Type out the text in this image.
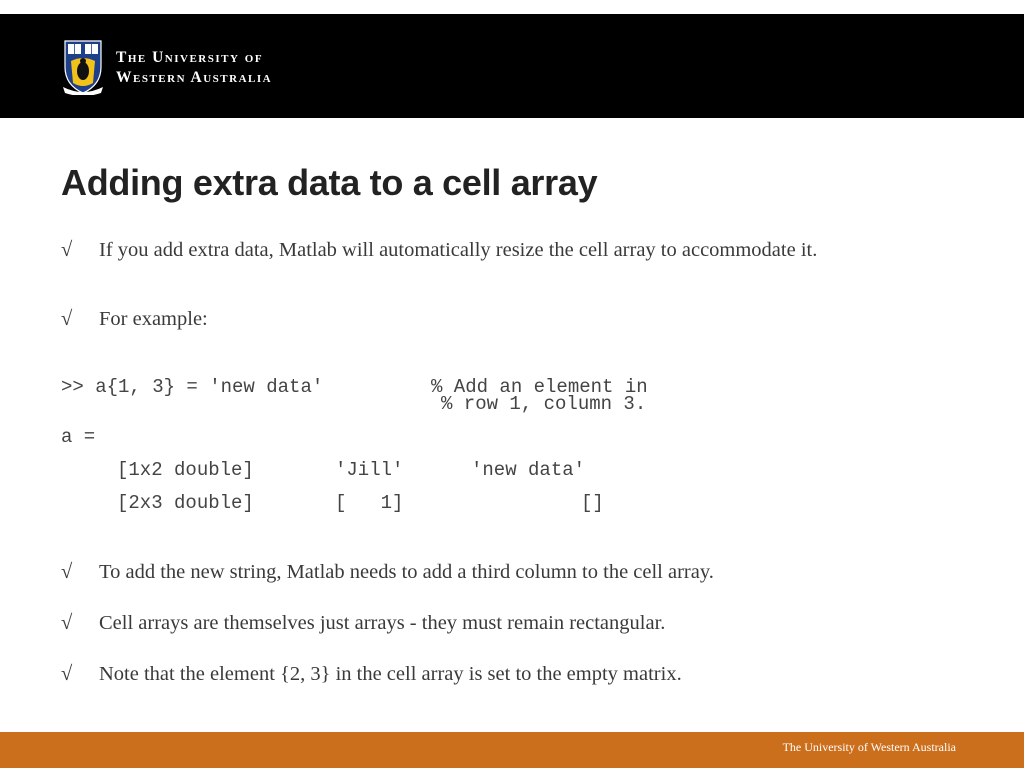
The University of
Western Australia
Adding extra data to a cell array
√ If you add extra data, Matlab will automatically resize the cell array to accommodate it.
√ For example:
>> a{1, 3} = 'new data'	% Add an element in
% row 1, column 3.
a =
[1x2 double]	'Jill'	'new data'
[2x3 double]	[   1]	[]
√ To add the new string, Matlab needs to add a third column to the cell array.
√ Cell arrays are themselves just arrays - they must remain rectangular.
√ Note that the element {2, 3} in the cell array is set to the empty matrix.
The University of Western Australia
